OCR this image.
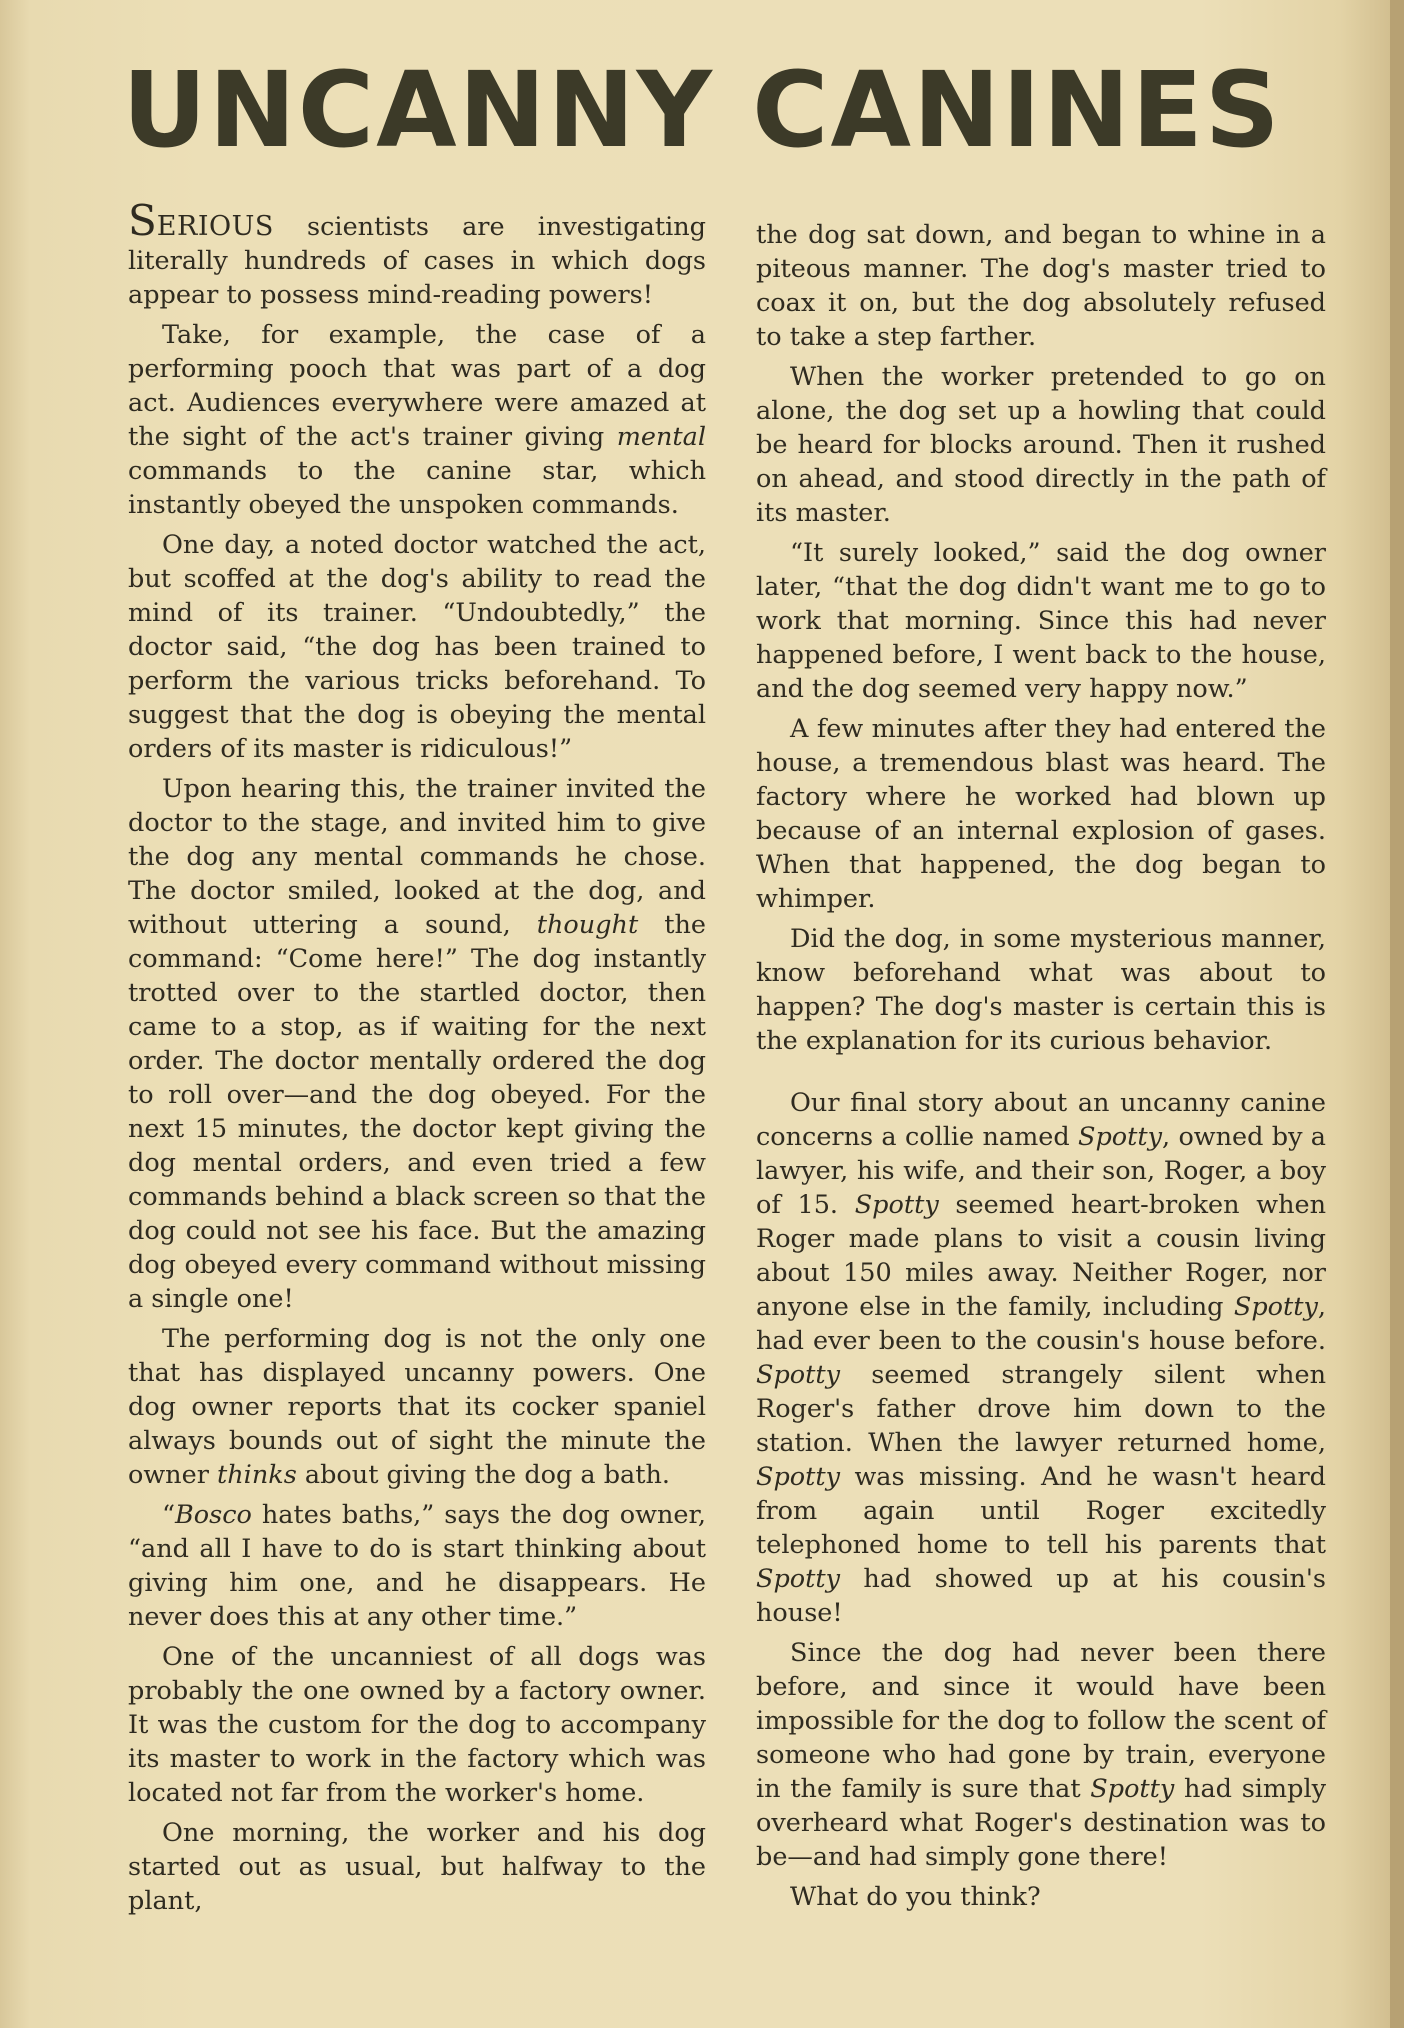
UNCANNY CANINES

SERIOUS scientists are investigating literally hundreds of cases in which dogs appear to possess mind-reading powers!

Take, for example, the case of a performing pooch that was part of a dog act. Audiences everywhere were amazed at the sight of the act's trainer giving mental commands to the canine star, which instantly obeyed the unspoken commands.

One day, a noted doctor watched the act, but scoffed at the dog's ability to read the mind of its trainer. “Undoubtedly,” the doctor said, “the dog has been trained to perform the various tricks beforehand. To suggest that the dog is obeying the mental orders of its master is ridiculous!”

Upon hearing this, the trainer invited the doctor to the stage, and invited him to give the dog any mental commands he chose. The doctor smiled, looked at the dog, and without uttering a sound, thought the command: “Come here!” The dog instantly trotted over to the startled doctor, then came to a stop, as if waiting for the next order. The doctor mentally ordered the dog to roll over—and the dog obeyed. For the next 15 minutes, the doctor kept giving the dog mental orders, and even tried a few commands behind a black screen so that the dog could not see his face. But the amazing dog obeyed every command without missing a single one!

The performing dog is not the only one that has displayed uncanny powers. One dog owner reports that its cocker spaniel always bounds out of sight the minute the owner thinks about giving the dog a bath.

“Bosco hates baths,” says the dog owner, “and all I have to do is start thinking about giving him one, and he disappears. He never does this at any other time.”

One of the uncanniest of all dogs was probably the one owned by a factory owner. It was the custom for the dog to accompany its master to work in the factory which was located not far from the worker's home.

One morning, the worker and his dog started out as usual, but halfway to the plant,

the dog sat down, and began to whine in a piteous manner. The dog's master tried to coax it on, but the dog absolutely refused to take a step farther.

When the worker pretended to go on alone, the dog set up a howling that could be heard for blocks around. Then it rushed on ahead, and stood directly in the path of its master.

“It surely looked,” said the dog owner later, “that the dog didn't want me to go to work that morning. Since this had never happened before, I went back to the house, and the dog seemed very happy now.”

A few minutes after they had entered the house, a tremendous blast was heard. The factory where he worked had blown up because of an internal explosion of gases. When that happened, the dog began to whimper.

Did the dog, in some mysterious manner, know beforehand what was about to happen? The dog's master is certain this is the explanation for its curious behavior.

Our final story about an uncanny canine concerns a collie named Spotty, owned by a lawyer, his wife, and their son, Roger, a boy of 15. Spotty seemed heart-broken when Roger made plans to visit a cousin living about 150 miles away. Neither Roger, nor anyone else in the family, including Spotty, had ever been to the cousin's house before. Spotty seemed strangely silent when Roger's father drove him down to the station. When the lawyer returned home, Spotty was missing. And he wasn't heard from again until Roger excitedly telephoned home to tell his parents that Spotty had showed up at his cousin's house!

Since the dog had never been there before, and since it would have been impossible for the dog to follow the scent of someone who had gone by train, everyone in the family is sure that Spotty had simply overheard what Roger's destination was to be—and had simply gone there!

What do you think?
